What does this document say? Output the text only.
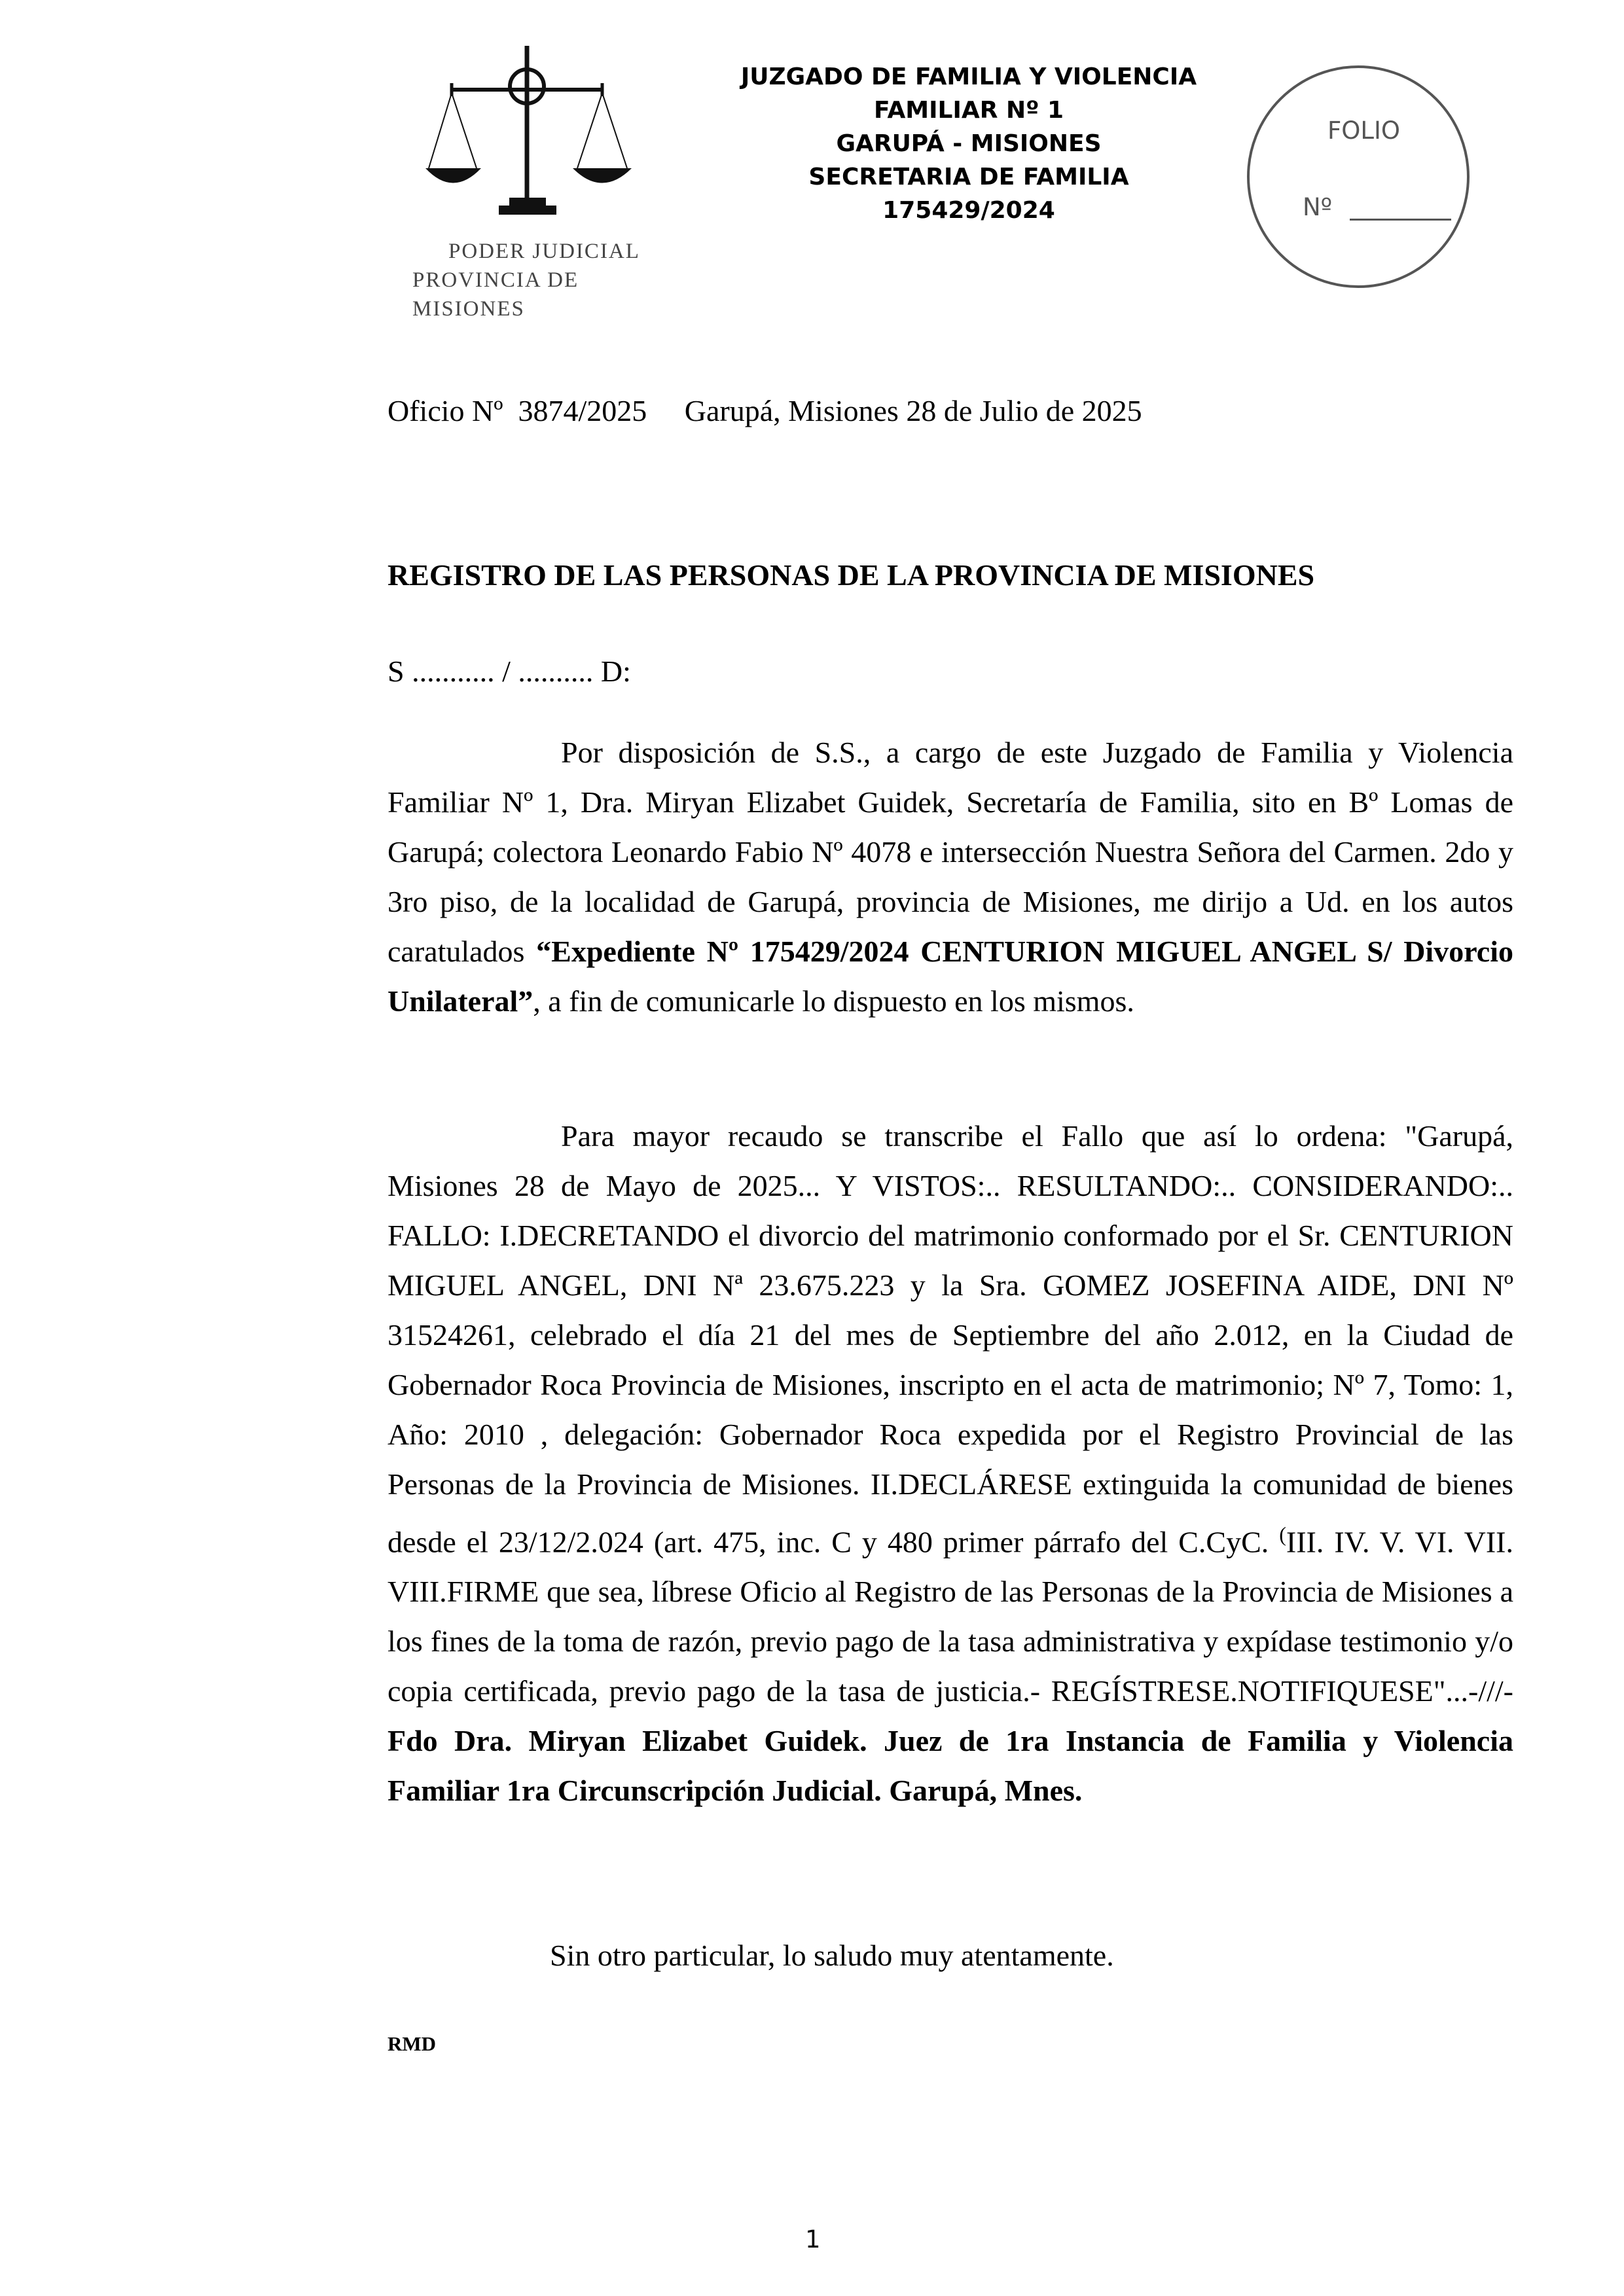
PODER JUDICIAL
PROVINCIA DE MISIONES
JUZGADO DE FAMILIA Y VIOLENCIA
FAMILIAR Nº 1
GARUPÁ - MISIONES
SECRETARIA DE FAMILIA
175429/2024
FOLIO
Nº
Oficio Nº  3874/2025 Garupá, Misiones 28 de Julio de 2025
REGISTRO DE LAS PERSONAS DE LA PROVINCIA DE MISIONES
S ........... / .......... D:

Por disposición de S.S., a cargo de este Juzgado de Familia y Violencia Familiar Nº 1, Dra. Miryan Elizabet Guidek, Secretaría de Familia, sito en Bº Lomas de Garupá; colectora Leonardo Fabio Nº 4078 e intersección Nuestra Señora del Carmen. 2do y 3ro piso, de la localidad de Garupá, provincia de Misiones, me dirijo a Ud. en los autos caratulados “Expediente Nº 175429/2024 CENTURION MIGUEL ANGEL S/ Divorcio Unilateral”, a fin de comunicarle lo dispuesto en los mismos.

Para mayor recaudo se transcribe el Fallo que así lo ordena: "Garupá, Misiones 28 de Mayo de 2025... Y VISTOS:.. RESULTANDO:.. CONSIDERANDO:.. FALLO: I.DECRETANDO el divorcio del matrimonio conformado por el Sr. CENTURION MIGUEL ANGEL, DNI Nª 23.675.223 y la Sra. GOMEZ JOSEFINA AIDE, DNI Nº 31524261, celebrado el día 21 del mes de Septiembre del año 2.012, en la Ciudad de Gobernador Roca Provincia de Misiones, inscripto en el acta de matrimonio; Nº 7, Tomo: 1, Año: 2010 , delegación: Gobernador Roca expedida por el Registro Provincial de las Personas de la Provincia de Misiones. II.DECLÁRESE extinguida la comunidad de bienes desde el 23/12/2.024 (art. 475, inc. C y 480 primer párrafo del C.CyC. (III. IV. V. VI. VII. VIII.FIRME que sea, líbrese Oficio al Registro de las Personas de la Provincia de Misiones a los fines de la toma de razón, previo pago de la tasa administrativa y expídase testimonio y/o copia certificada, previo pago de la tasa de justicia.- REGÍSTRESE.NOTIFIQUESE"...-///-Fdo Dra. Miryan Elizabet Guidek. Juez de 1ra Instancia de Familia y Violencia Familiar 1ra Circunscripción Judicial. Garupá, Mnes.

Sin otro particular, lo saludo muy atentamente.
RMD
1
